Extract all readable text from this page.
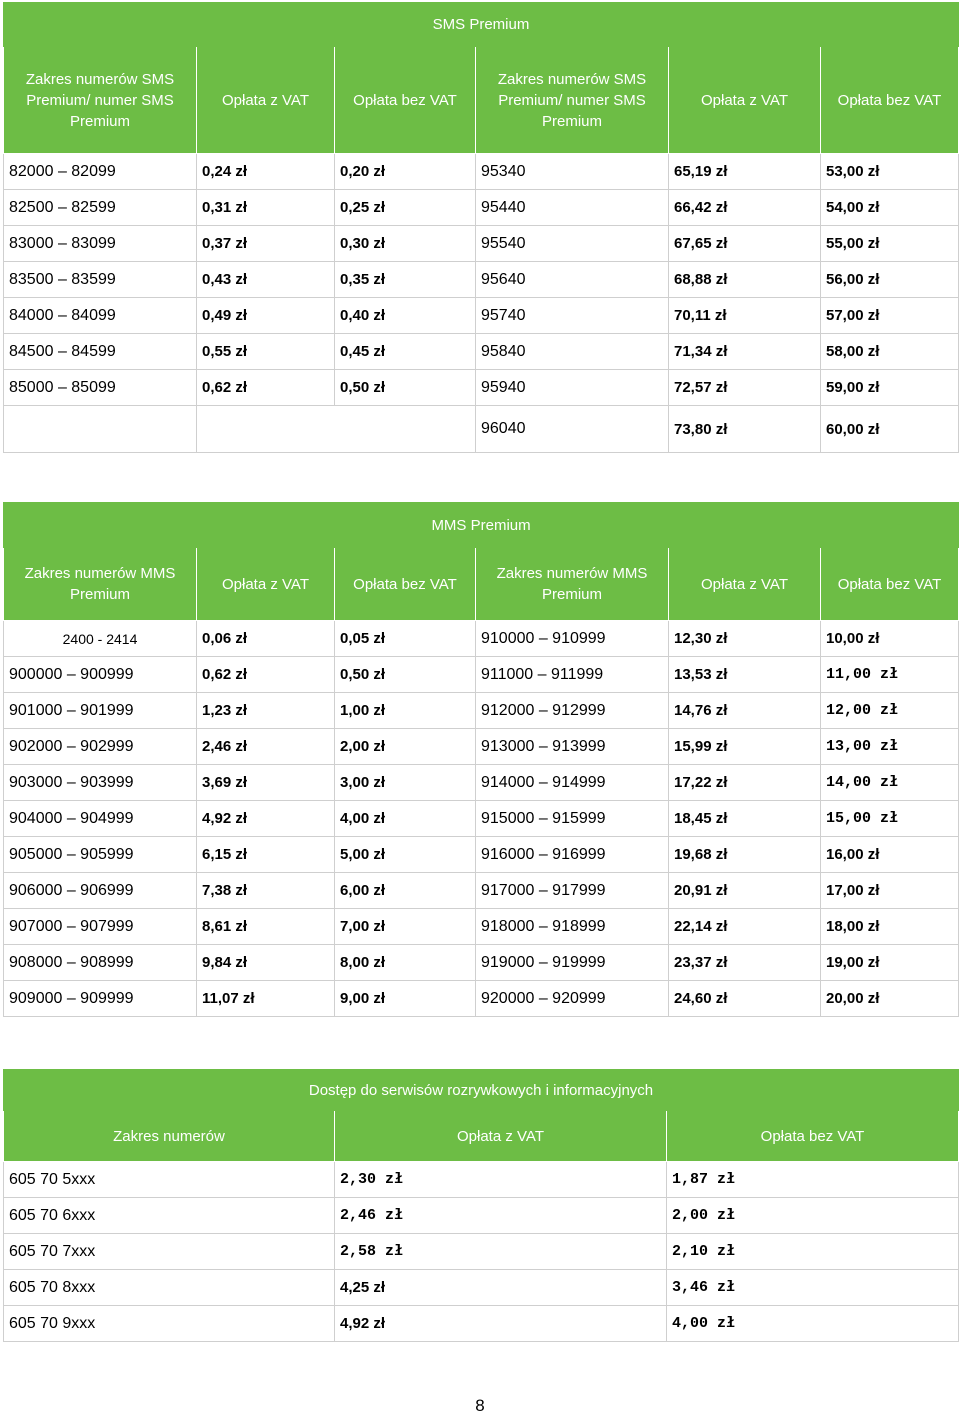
SMS Premium					
Zakres numerów SMS Premium/ numer SMS Premium	Opłata z VAT	Opłata bez VAT	Zakres numerów SMS Premium/ numer SMS Premium	Opłata z VAT	Opłata bez VAT
82000 – 82099	0,24 zł	0,20 zł	95340	65,19 zł	53,00 zł
82500 – 82599	0,31 zł	0,25 zł	95440	66,42 zł	54,00 zł
83000 – 83099	0,37 zł	0,30 zł	95540	67,65 zł	55,00 zł
83500 – 83599	0,43 zł	0,35 zł	95640	68,88 zł	56,00 zł
84000 – 84099	0,49 zł	0,40 zł	95740	70,11 zł	57,00 zł
84500 – 84599	0,55 zł	0,45 zł	95840	71,34 zł	58,00 zł
85000 – 85099	0,62 zł	0,50 zł	95940	72,57 zł	59,00 zł
			96040	73,80 zł	60,00 zł
MMS Premium					
Zakres numerów MMS Premium	Opłata z VAT	Opłata bez VAT	Zakres numerów MMS Premium	Opłata z VAT	Opłata bez VAT
2400 - 2414	0,06 zł	0,05 zł	910000 – 910999	12,30 zł	10,00 zł
900000 – 900999	0,62 zł	0,50 zł	911000 – 911999	13,53 zł	11,00 zł
901000 – 901999	1,23 zł	1,00 zł	912000 – 912999	14,76 zł	12,00 zł
902000 – 902999	2,46 zł	2,00 zł	913000 – 913999	15,99 zł	13,00 zł
903000 – 903999	3,69 zł	3,00 zł	914000 – 914999	17,22 zł	14,00 zł
904000 – 904999	4,92 zł	4,00 zł	915000 – 915999	18,45 zł	15,00 zł
905000 – 905999	6,15 zł	5,00 zł	916000 – 916999	19,68 zł	16,00 zł
906000 – 906999	7,38 zł	6,00 zł	917000 – 917999	20,91 zł	17,00 zł
907000 – 907999	8,61 zł	7,00 zł	918000 – 918999	22,14 zł	18,00 zł
908000 – 908999	9,84 zł	8,00 zł	919000 – 919999	23,37 zł	19,00 zł
909000 – 909999	11,07 zł	9,00 zł	920000 – 920999	24,60 zł	20,00 zł
Dostęp do serwisów rozrywkowych i informacyjnych		
Zakres numerów	Opłata z VAT	Opłata bez VAT
605 70 5xxx	2,30 zł	1,87 zł
605 70 6xxx	2,46 zł	2,00 zł
605 70 7xxx	2,58 zł	2,10 zł
605 70 8xxx	4,25 zł	3,46 zł
605 70 9xxx	4,92 zł	4,00 zł
8
